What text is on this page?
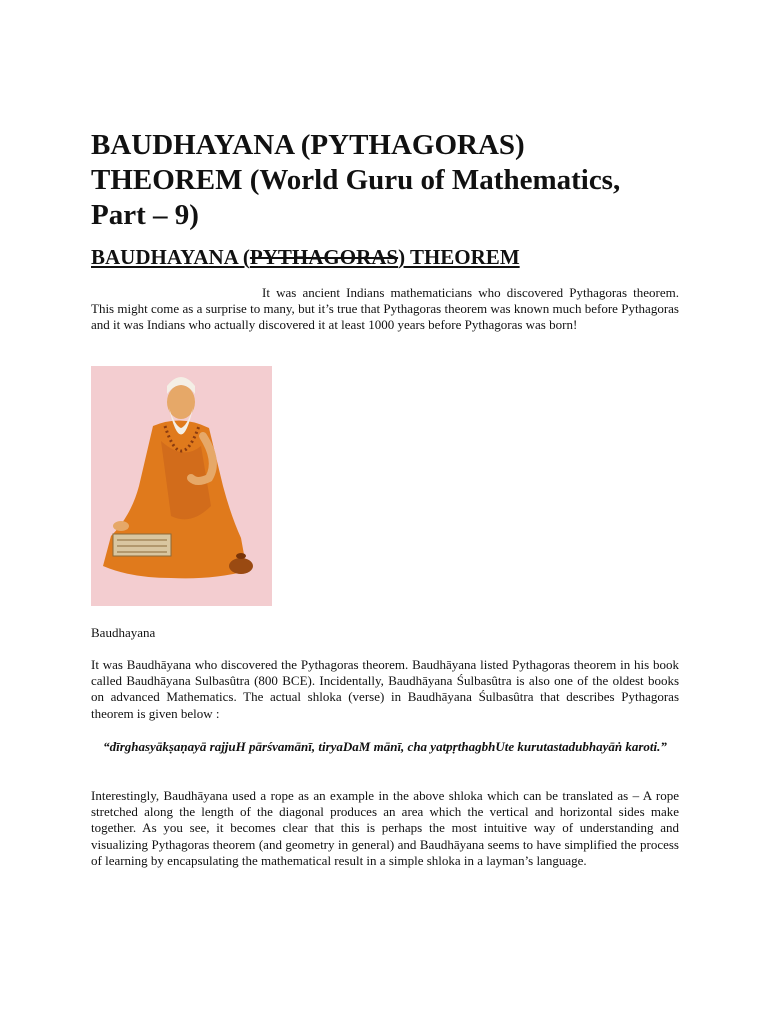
BAUDHAYANA (PYTHAGORAS) THEOREM (World Guru of Mathematics, Part – 9)
BAUDHAYANA (PYTHAGORAS) THEOREM

It was ancient Indians mathematicians who discovered Pythagoras theorem. This might come as a surprise to many, but it’s true that Pythagoras theorem was known much before Pythagoras and it was Indians who actually discovered it at least 1000 years before Pythagoras was born!

Baudhayana

It was Baudhāyana who discovered the Pythagoras theorem. Baudhāyana listed Pythagoras theorem in his book called Baudhāyana Sulbasûtra (800 BCE). Incidentally, Baudhāyana Śulbasûtra is also one of the oldest books on advanced Mathematics. The actual shloka (verse) in Baudhāyana Śulbasûtra that describes Pythagoras theorem is given below :

“dīrghasyākṣaṇayā rajjuH pārśvamānī, tiryaDaM mānī, cha yatpṛthagbhUte kurutastadubhayāṅ karoti.”

Interestingly, Baudhāyana used a rope as an example in the above shloka which can be translated as – A rope stretched along the length of the diagonal produces an area which the vertical and horizontal sides make together. As you see, it becomes clear that this is perhaps the most intuitive way of understanding and visualizing Pythagoras theorem (and geometry in general) and Baudhāyana seems to have simplified the process of learning by encapsulating the mathematical result in a simple shloka in a layman’s language.
